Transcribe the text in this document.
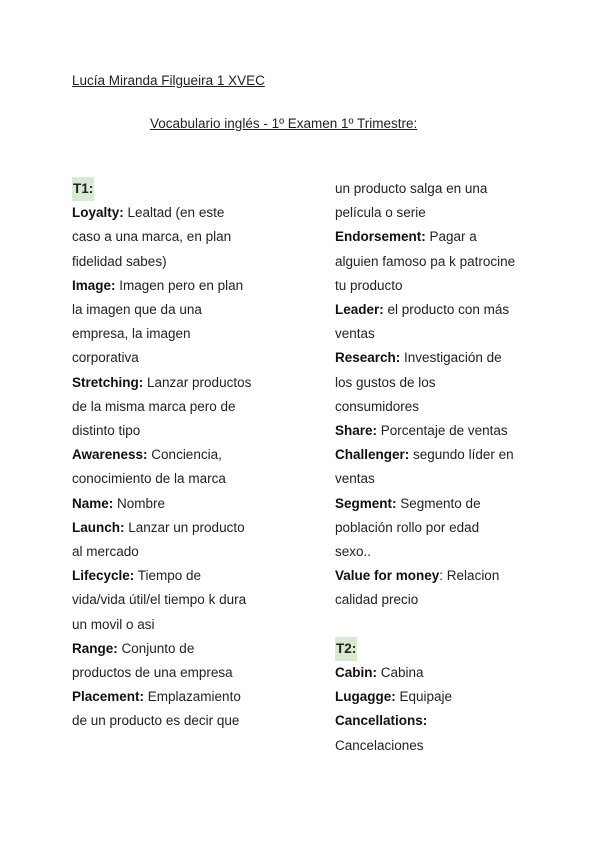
Lucía Miranda Filgueira 1 XVEC
Vocabulario inglés - 1º Examen 1º Trimestre:
T1:
Loyalty: Lealtad (en este
caso a una marca, en plan
fidelidad sabes)
Image: Imagen pero en plan
la imagen que da una
empresa, la imagen
corporativa
Stretching: Lanzar productos
de la misma marca pero de
distinto tipo
Awareness: Conciencia,
conocimiento de la marca
Name: Nombre
Launch: Lanzar un producto
al mercado
Lifecycle: Tiempo de
vida/vida útil/el tiempo k dura
un movil o asi
Range: Conjunto de
productos de una empresa
Placement: Emplazamiento
de un producto es decir que
un producto salga en una
película o serie
Endorsement: Pagar a
alguien famoso pa k patrocine
tu producto
Leader: el producto con más
ventas
Research: Investigación de
los gustos de los
consumidores
Share: Porcentaje de ventas
Challenger: segundo líder en
ventas
Segment: Segmento de
población rollo por edad
sexo..
Value for money: Relacion
calidad precio
T2:
Cabin: Cabina
Lugagge: Equipaje
Cancellations:
Cancelaciones
